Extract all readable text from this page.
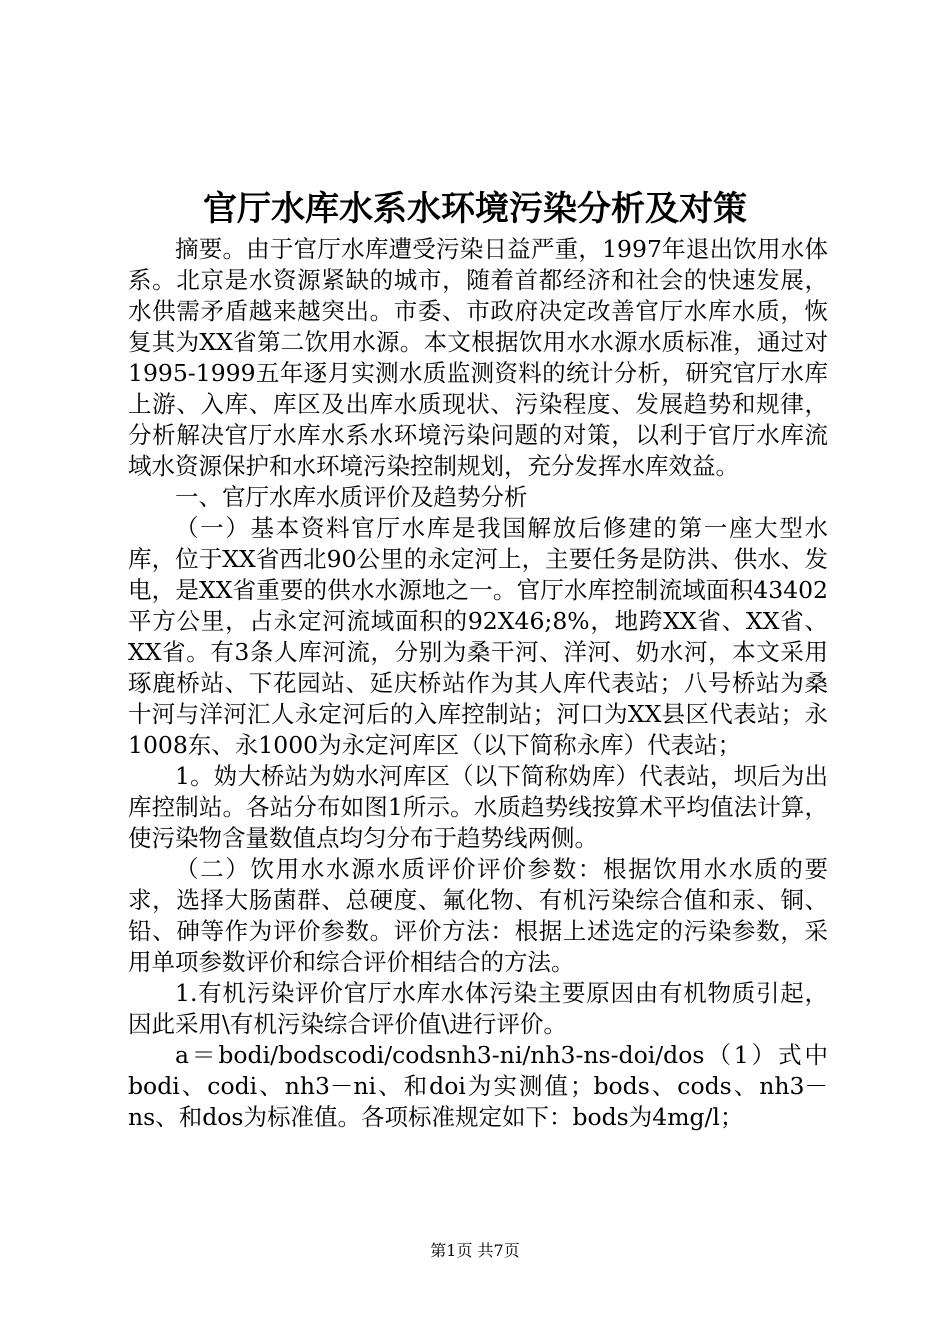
官厅水库水系水环境污染分析及对策

摘要。由于官厅水库遭受污染日益严重，1997年退出饮用水体系。北京是水资源紧缺的城市，随着首都经济和社会的快速发展，水供需矛盾越来越突出。市委、市政府决定改善官厅水库水质，恢复其为XX省第二饮用水源。本文根据饮用水水源水质标准，通过对1995-1999五年逐月实测水质监测资料的统计分析，研究官厅水库上游、入库、库区及出库水质现状、污染程度、发展趋势和规律，分析解决官厅水库水系水环境污染问题的对策，以利于官厅水库流域水资源保护和水环境污染控制规划，充分发挥水库效益。

一、官厅水库水质评价及趋势分析

（一）基本资料官厅水库是我国解放后修建的第一座大型水库，位于XX省西北90公里的永定河上，主要任务是防洪、供水、发电，是XX省重要的供水水源地之一。官厅水库控制流域面积43402平方公里，占永定河流域面积的92X46;8%，地跨XX省、XX省、XX省。有3条人库河流，分别为桑干河、洋河、奶水河，本文采用琢鹿桥站、下花园站、延庆桥站作为其人库代表站；八号桥站为桑十河与洋河汇人永定河后的入库控制站；河口为XX县区代表站；永1008东、永1000为永定河库区（以下简称永库）代表站；

1。妫大桥站为妫水河库区（以下简称妫库）代表站，坝后为出库控制站。各站分布如图1所示。水质趋势线按算术平均值法计算，使污染物含量数值点均匀分布于趋势线两侧。

（二）饮用水水源水质评价评价参数：根据饮用水水质的要求，选择大肠菌群、总硬度、氟化物、有机污染综合值和汞、铜、铅、砷等作为评价参数。评价方法：根据上述选定的污染参数，采用单项参数评价和综合评价相结合的方法。

1.有机污染评价官厅水库水体污染主要原因由有机物质引起，因此采用\有机污染综合评价值\进行评价。

a＝bodi/bodscodi/codsnh3-ni/nh3-ns-doi/dos（1）式中bodi、codi、nh3－ni、和doi为实测值；bods、cods、nh3－ns、和dos为标准值。各项标准规定如下：bods为4mg/l；

第1页 共7页
